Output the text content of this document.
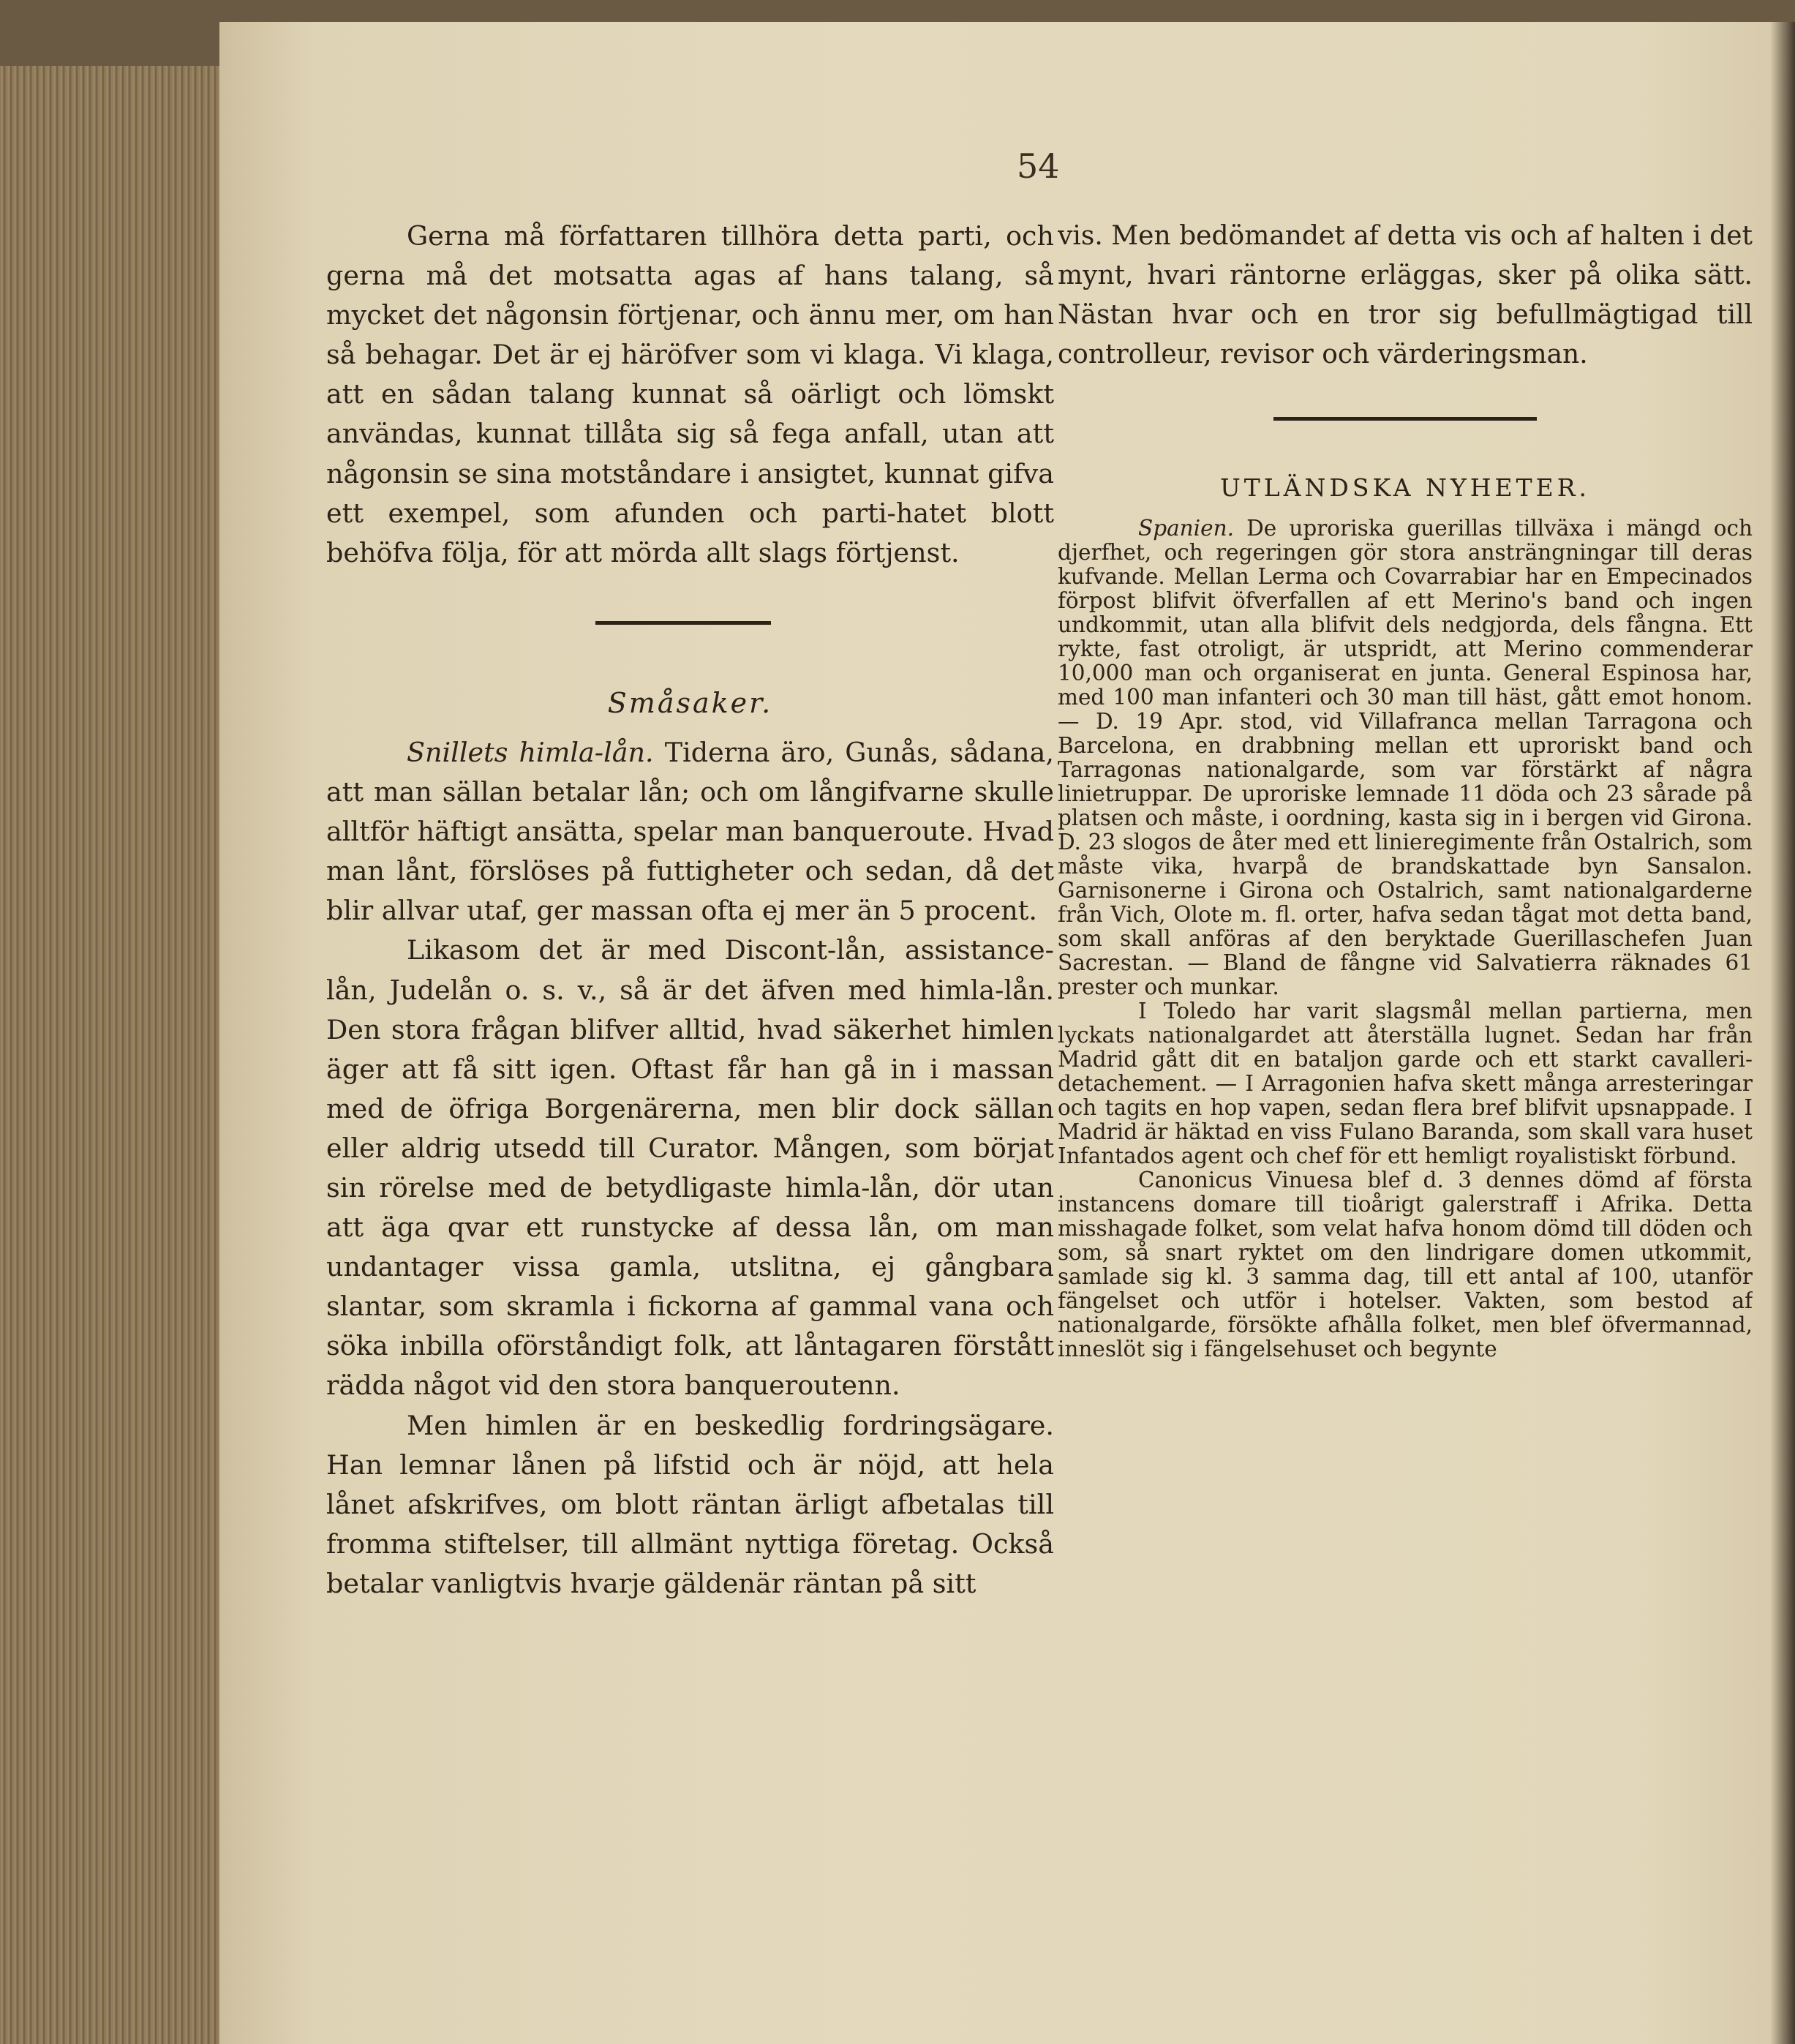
54

Gerna må författaren tillhöra detta parti, och gerna må det motsatta agas af hans talang, så mycket det någonsin förtjenar, och ännu mer, om han så behagar. Det är ej häröfver som vi klaga. Vi klaga, att en sådan talang kunnat så oärligt och lömskt användas, kunnat tillåta sig så fega anfall, utan att någonsin se sina motståndare i ansigtet, kunnat gifva ett exempel, som afunden och parti-hatet blott behöfva följa, för att mörda allt slags förtjenst.

Småsaker.

Snillets himla-lån. Tiderna äro, Gunås, sådana, att man sällan betalar lån; och om långifvarne skulle alltför häftigt ansätta, spelar man banqueroute. Hvad man lånt, förslöses på futtigheter och sedan, då det blir allvar utaf, ger massan ofta ej mer än 5 procent.

Likasom det är med Discont-lån, assistance-lån, Judelån o. s. v., så är det äfven med himla-lån. Den stora frågan blifver alltid, hvad säkerhet himlen äger att få sitt igen. Oftast får han gå in i massan med de öfriga Borgenärerna, men blir dock sällan eller aldrig utsedd till Curator. Mången, som börjat sin rörelse med de betydligaste himla-lån, dör utan att äga qvar ett runstycke af dessa lån, om man undantager vissa gamla, utslitna, ej gångbara slantar, som skramla i fickorna af gammal vana och söka inbilla oförståndigt folk, att låntagaren förstått rädda något vid den stora banqueroutenn.

Men himlen är en beskedlig fordringsägare. Han lemnar lånen på lifstid och är nöjd, att hela lånet afskrifves, om blott räntan ärligt afbetalas till fromma stiftelser, till allmänt nyttiga företag. Också betalar vanligtvis hvarje gäldenär räntan på sitt

vis. Men bedömandet af detta vis och af halten i det mynt, hvari räntorne erläggas, sker på olika sätt. Nästan hvar och en tror sig befullmägtigad till controlleur, revisor och värderingsman.

UTLÄNDSKA NYHETER.

Spanien. De uproriska guerillas tillväxa i mängd och djerfhet, och regeringen gör stora ansträngningar till deras kufvande. Mellan Lerma och Covarrabiar har en Empecinados förpost blifvit öfverfallen af ett Merino's band och ingen undkommit, utan alla blifvit dels nedgjorda, dels fångna. Ett rykte, fast otroligt, är utspridt, att Merino commenderar 10,000 man och organiserat en junta. General Espinosa har, med 100 man infanteri och 30 man till häst, gått emot honom. — D. 19 Apr. stod, vid Villafranca mellan Tarragona och Barcelona, en drabbning mellan ett uproriskt band och Tarragonas nationalgarde, som var förstärkt af några linietruppar. De uproriske lemnade 11 döda och 23 sårade på platsen och måste, i oordning, kasta sig in i bergen vid Girona. D. 23 slogos de åter med ett linieregimente från Ostalrich, som måste vika, hvarpå de brandskattade byn Sansalon. Garnisonerne i Girona och Ostalrich, samt nationalgarderne från Vich, Olote m. fl. orter, hafva sedan tågat mot detta band, som skall anföras af den beryktade Guerillaschefen Juan Sacrestan. — Bland de fångne vid Salvatierra räknades 61 prester och munkar.

I Toledo har varit slagsmål mellan partierna, men lyckats nationalgardet att återställa lugnet. Sedan har från Madrid gått dit en bataljon garde och ett starkt cavalleri-detachement. — I Arragonien hafva skett många arresteringar och tagits en hop vapen, sedan flera bref blifvit upsnappade. I Madrid är häktad en viss Fulano Baranda, som skall vara huset Infantados agent och chef för ett hemligt royalistiskt förbund.

Canonicus Vinuesa blef d. 3 dennes dömd af första instancens domare till tioårigt galerstraff i Afrika. Detta misshagade folket, som velat hafva honom dömd till döden och som, så snart ryktet om den lindrigare domen utkommit, samlade sig kl. 3 samma dag, till ett antal af 100, utanför fängelset och utför i hotelser. Vakten, som bestod af nationalgarde, försökte afhålla folket, men blef öfvermannad, inneslöt sig i fängelsehuset och begynte
